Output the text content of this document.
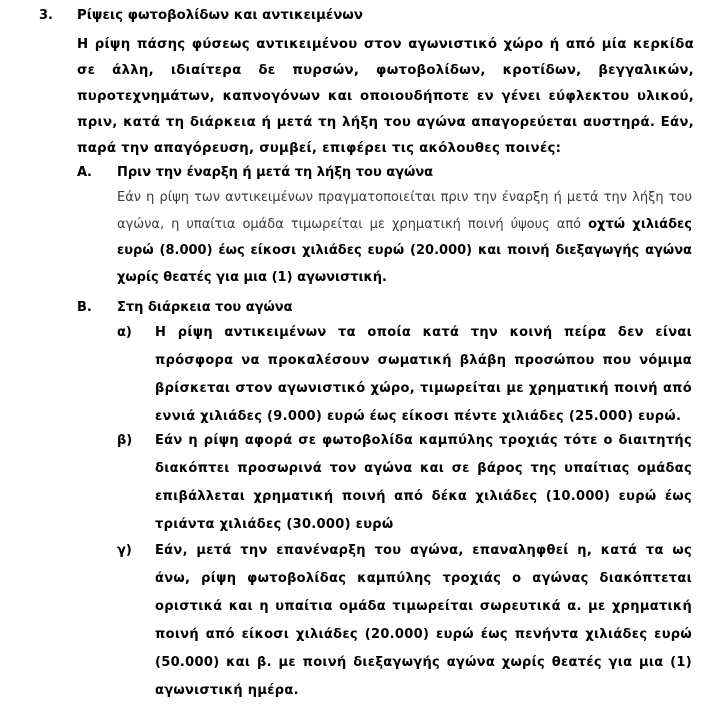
3. Ρίψεις φωτοβολίδων και αντικειμένων
Η ρίψη πάσης φύσεως αντικειμένου στον αγωνιστικό χώρο ή από μία κερκίδα σε άλλη, ιδιαίτερα δε πυρσών, φωτοβολίδων, κροτίδων, βεγγαλικών, πυροτεχνημάτων, καπνογόνων και οποιουδήποτε εν γένει εύφλεκτου υλικού, πριν, κατά τη διάρκεια ή μετά τη λήξη του αγώνα απαγορεύεται αυστηρά. Εάν, παρά την απαγόρευση, συμβεί, επιφέρει τις ακόλουθες ποινές:
Α. Πριν την έναρξη ή μετά τη λήξη του αγώνα
Εάν η ρίψη των αντικειμένων πραγματοποιείται πριν την έναρξη ή μετά την λήξη του αγώνα, η υπαίτια ομάδα τιμωρείται με χρηματική ποινή ύψους από οχτώ χιλιάδες ευρώ (8.000) έως είκοσι χιλιάδες ευρώ (20.000) και ποινή διεξαγωγής αγώνα χωρίς θεατές για μια (1) αγωνιστική.
Β. Στη διάρκεια του αγώνα
α) Η ρίψη αντικειμένων τα οποία κατά την κοινή πείρα δεν είναι πρόσφορα να προκαλέσουν σωματική βλάβη προσώπου που νόμιμα βρίσκεται στον αγωνιστικό χώρο, τιμωρείται με χρηματική ποινή από εννιά χιλιάδες (9.000) ευρώ έως είκοσι πέντε χιλιάδες (25.000) ευρώ.
β) Εάν η ρίψη αφορά σε φωτοβολίδα καμπύλης τροχιάς τότε ο διαιτητής διακόπτει προσωρινά τον αγώνα και σε βάρος της υπαίτιας ομάδας επιβάλλεται χρηματική ποινή από δέκα χιλιάδες (10.000) ευρώ έως τριάντα χιλιάδες (30.000) ευρώ
γ) Εάν, μετά την επανέναρξη του αγώνα, επαναληφθεί η, κατά τα ως άνω, ρίψη φωτοβολίδας καμπύλης τροχιάς ο αγώνας διακόπτεται οριστικά και η υπαίτια ομάδα τιμωρείται σωρευτικά α. με χρηματική ποινή από είκοσι χιλιάδες (20.000) ευρώ έως πενήντα χιλιάδες ευρώ (50.000) και β. με ποινή διεξαγωγής αγώνα χωρίς θεατές για μια (1) αγωνιστική ημέρα.
